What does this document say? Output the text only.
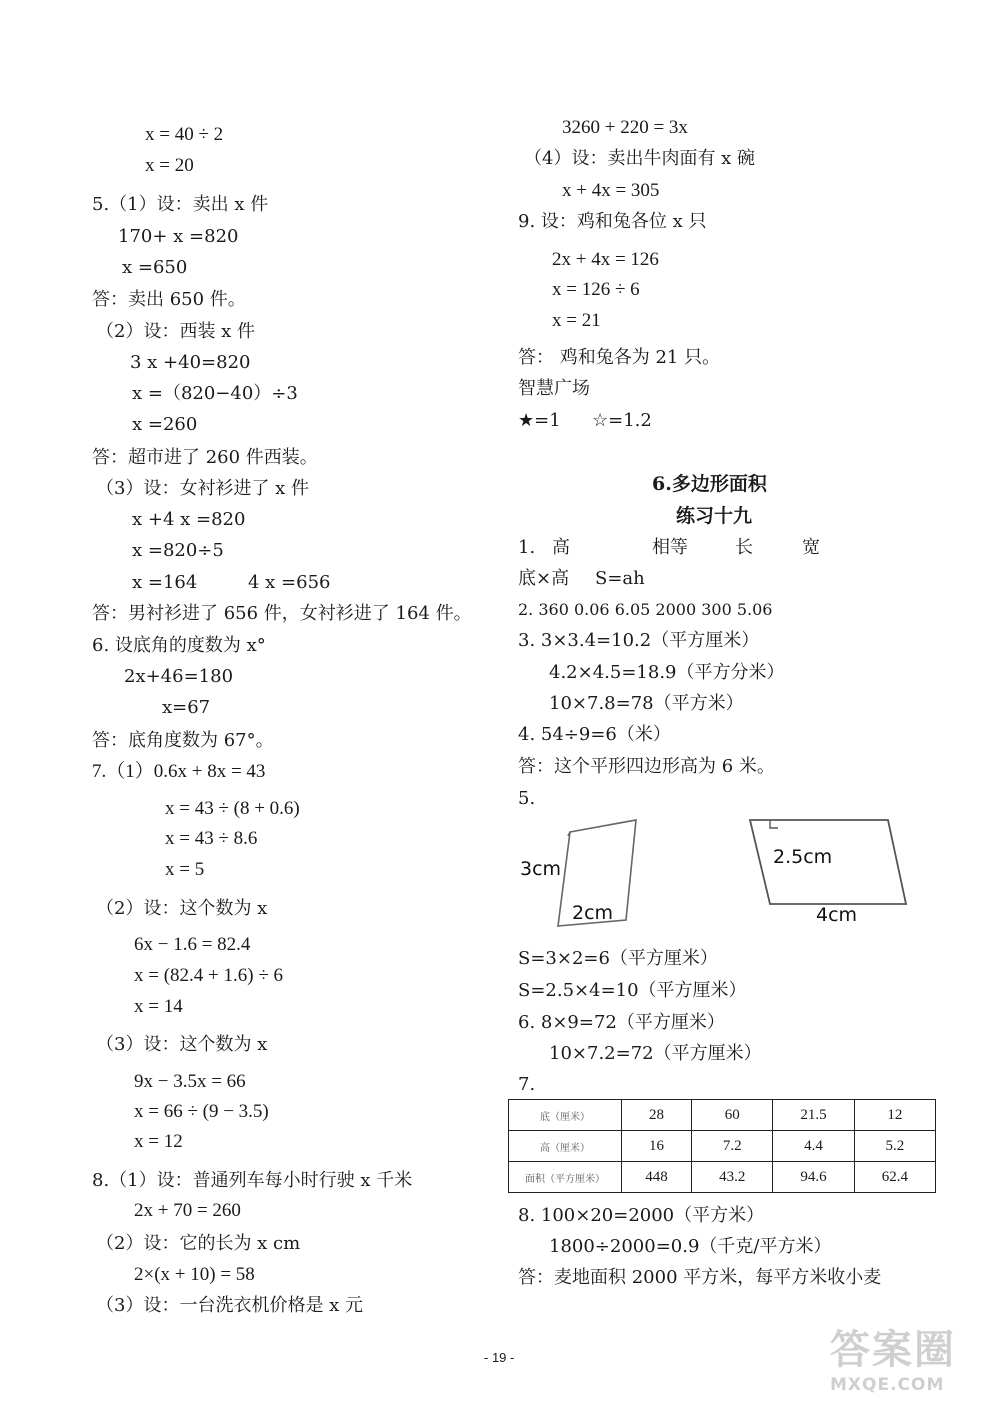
x = 40 ÷ 2
x = 20
5.（1）设：卖出 x 件
170+ x =820
x =650
答：卖出 650 件。
（2）设：西装 x 件
3 x +40=820
x =（820−40）÷3
x =260
答：超市进了 260 件西装。
（3）设：女衬衫进了 x 件
x +4 x =820
x =820÷5
x =164	4 x =656
答：男衬衫进了 656 件，女衬衫进了 164 件。
6. 设底角的度数为 x°
2x+46=180
x=67
答：底角度数为 67°。
7.（1）0.6x + 8x = 43
x = 43 ÷ (8 + 0.6)
x = 43 ÷ 8.6
x = 5
（2）设：这个数为 x
6x − 1.6 = 82.4
x = (82.4 + 1.6) ÷ 6
x = 14
（3）设：这个数为 x
9x − 3.5x = 66
x = 66 ÷ (9 − 3.5)
x = 12
8.（1）设：普通列车每小时行驶 x 千米
2x + 70 = 260
（2）设：它的长为 x cm
2×(x + 10) = 58
（3）设：一台洗衣机价格是 x 元
3260 + 220 = 3x
（4）设：卖出牛肉面有 x 碗
x + 4x = 305
9. 设：鸡和兔各位 x 只
2x + 4x = 126
x = 126 ÷ 6
x = 21
答： 鸡和兔各为 21 只。
智慧广场
★=1 ☆=1.2
6.多边形面积
练习十九
1. 高	相等	长	宽
底×高 S=ah
2. 360 0.06 6.05 2000 300 5.06
3. 3×3.4=10.2（平方厘米）
4.2×4.5=18.9（平方分米）
10×7.8=78（平方米）
4. 54÷9=6（米）
答：这个平形四边形高为 6 米。
5.
3cm
2cm
2.5cm
4cm
S=3×2=6（平方厘米）
S=2.5×4=10（平方厘米）
6. 8×9=72（平方厘米）
10×7.2=72（平方厘米）
7.
底（厘米）	28	60	21.5	12
高（厘米）	16	7.2	4.4	5.2
面积（平方厘米）	448	43.2	94.6	62.4
8. 100×20=2000（平方米）
1800÷2000=0.9（千克/平方米）
答：麦地面积 2000 平方米，每平方米收小麦
- 19 -	答案圈
MXQE.COM
